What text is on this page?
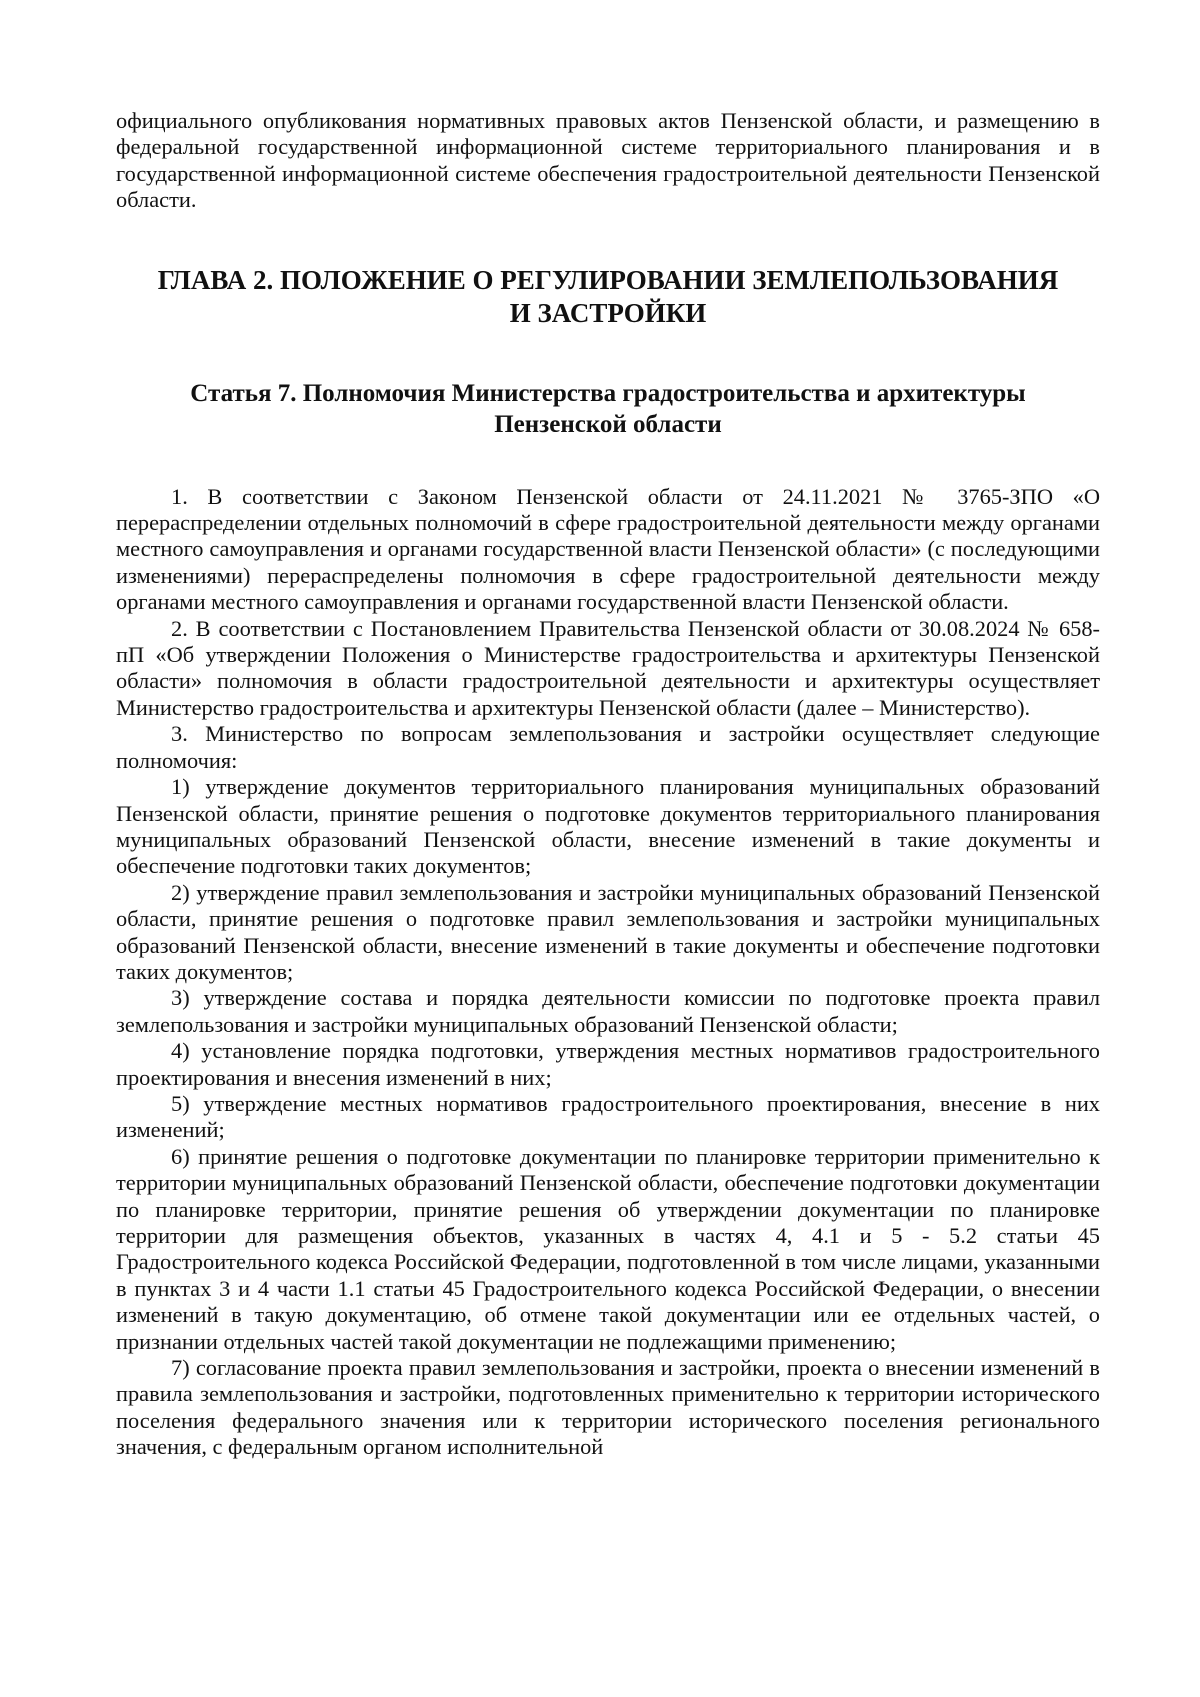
официального опубликования нормативных правовых актов Пензенской области, и размещению в федеральной государственной информационной системе территориального планирования и в государственной информационной системе обеспечения градостроительной деятельности Пензенской области.

ГЛАВА 2. ПОЛОЖЕНИЕ О РЕГУЛИРОВАНИИ ЗЕМЛЕПОЛЬЗОВАНИЯ
И ЗАСТРОЙКИ
Статья 7. Полномочия Министерства градостроительства и архитектуры
Пензенской области

1. В соответствии с Законом Пензенской области от 24.11.2021 № 3765-ЗПО «О перераспределении отдельных полномочий в сфере градостроительной деятельности между органами местного самоуправления и органами государственной власти Пензенской области» (с последующими изменениями) перераспределены полномочия в сфере градостроительной деятельности между органами местного самоуправления и органами государственной власти Пензенской области.

2. В соответствии с Постановлением Правительства Пензенской области от 30.08.2024 № 658-пП «Об утверждении Положения о Министерстве градостроительства и архитектуры Пензенской области» полномочия в области градостроительной деятельности и архитектуры осуществляет Министерство градостроительства и архитектуры Пензенской области (далее – Министерство).

3. Министерство по вопросам землепользования и застройки осуществляет следующие полномочия:

1) утверждение документов территориального планирования муниципальных образований Пензенской области, принятие решения о подготовке документов территориального планирования муниципальных образований Пензенской области, внесение изменений в такие документы и обеспечение подготовки таких документов;

2) утверждение правил землепользования и застройки муниципальных образований Пензенской области, принятие решения о подготовке правил землепользования и застройки муниципальных образований Пензенской области, внесение изменений в такие документы и обеспечение подготовки таких документов;

3) утверждение состава и порядка деятельности комиссии по подготовке проекта правил землепользования и застройки муниципальных образований Пензенской области;

4) установление порядка подготовки, утверждения местных нормативов градостроительного проектирования и внесения изменений в них;

5) утверждение местных нормативов градостроительного проектирования, внесение в них изменений;

6) принятие решения о подготовке документации по планировке территории применительно к территории муниципальных образований Пензенской области, обеспечение подготовки документации по планировке территории, принятие решения об утверждении документации по планировке территории для размещения объектов, указанных в частях 4, 4.1 и 5 - 5.2 статьи 45 Градостроительного кодекса Российской Федерации, подготовленной в том числе лицами, указанными в пунктах 3 и 4 части 1.1 статьи 45 Градостроительного кодекса Российской Федерации, о внесении изменений в такую документацию, об отмене такой документации или ее отдельных частей, о признании отдельных частей такой документации не подлежащими применению;

7) согласование проекта правил землепользования и застройки, проекта о внесении изменений в правила землепользования и застройки, подготовленных применительно к территории исторического поселения федерального значения или к территории исторического поселения регионального значения, с федеральным органом исполнительной
